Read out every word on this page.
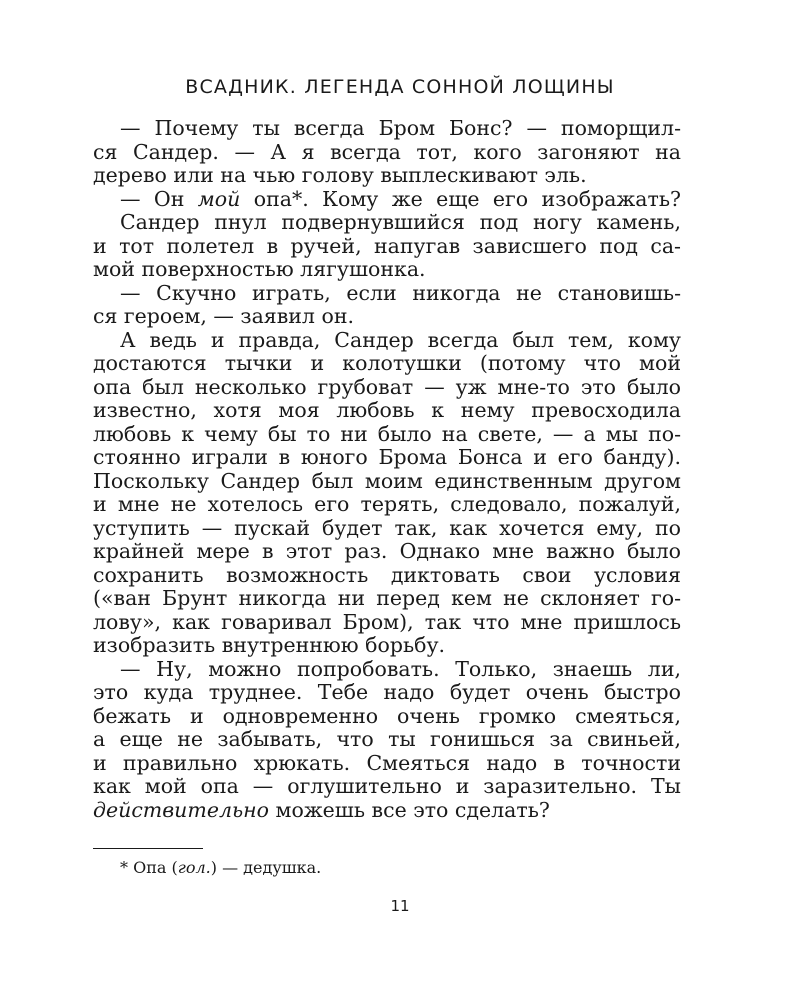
ВСАДНИК. ЛЕГЕНДА СОННОЙ ЛОЩИНЫ
— Почему ты всегда Бром Бонс? — поморщил-
ся Сандер. — А я всегда тот, кого загоняют на
дерево или на чью голову выплескивают эль.
— Он мой опа*. Кому же еще его изображать?
Сандер пнул подвернувшийся под ногу камень,
и тот полетел в ручей, напугав зависшего под са-
мой поверхностью лягушонка.
— Скучно играть, если никогда не становишь-
ся героем, — заявил он.
А ведь и правда, Сандер всегда был тем, кому
достаются тычки и колотушки (потому что мой
опа был несколько грубоват — уж мне-то это было
известно, хотя моя любовь к нему превосходила
любовь к чему бы то ни было на свете, — а мы по-
стоянно играли в юного Брома Бонса и его банду).
Поскольку Сандер был моим единственным другом
и мне не хотелось его терять, следовало, пожалуй,
уступить — пускай будет так, как хочется ему, по
крайней мере в этот раз. Однако мне важно было
сохранить возможность диктовать свои условия
(«ван Брунт никогда ни перед кем не склоняет го-
лову», как говаривал Бром), так что мне пришлось
изобразить внутреннюю борьбу.
— Ну, можно попробовать. Только, знаешь ли,
это куда труднее. Тебе надо будет очень быстро
бежать и одновременно очень громко смеяться,
а еще не забывать, что ты гонишься за свиньей,
и правильно хрюкать. Смеяться надо в точности
как мой опа — оглушительно и заразительно. Ты
действительно можешь все это сделать?
* Опа (гол.) — дедушка.
11
